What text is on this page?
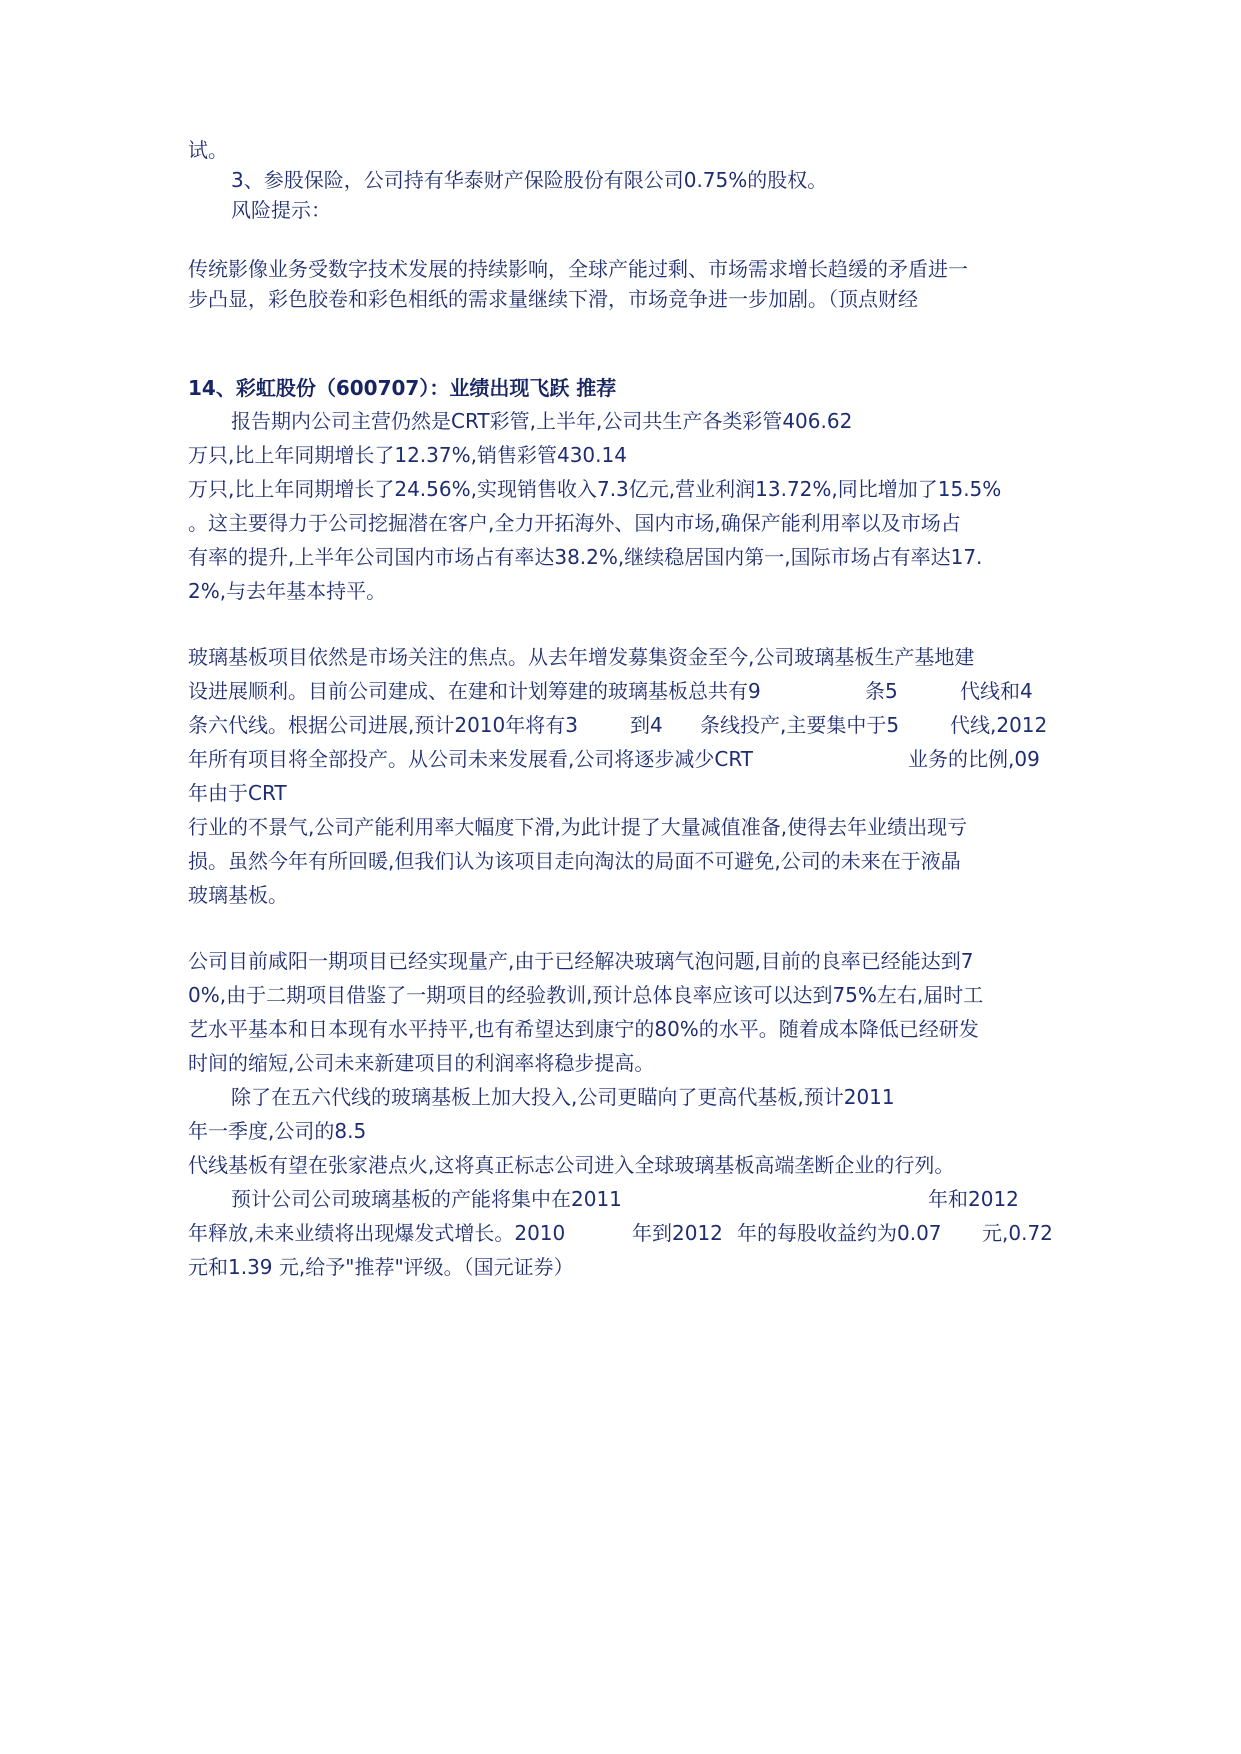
试。
3、参股保险，公司持有华泰财产保险股份有限公司0.75%的股权。
风险提示：
传统影像业务受数字技术发展的持续影响，全球产能过剩、市场需求增长趋缓的矛盾进一
步凸显，彩色胶卷和彩色相纸的需求量继续下滑，市场竞争进一步加剧。（顶点财经
14、彩虹股份（600707）：业绩出现飞跃 推荐
报告期内公司主营仍然是CRT彩管,上半年,公司共生产各类彩管406.62
万只,比上年同期增长了12.37%,销售彩管430.14
万只,比上年同期增长了24.56%,实现销售收入7.3亿元,营业利润13.72%,同比增加了15.5%
。这主要得力于公司挖掘潜在客户,全力开拓海外、国内市场,确保产能利用率以及市场占
有率的提升,上半年公司国内市场占有率达38.2%,继续稳居国内第一,国际市场占有率达17.
2%,与去年基本持平。
玻璃基板项目依然是市场关注的焦点。从去年增发募集资金至今,公司玻璃基板生产基地建
设进展顺利。目前公司建成、在建和计划筹建的玻璃基板总共有9	条5	代线和4
条六代线。根据公司进展,预计2010年将有3	到4 条线投产,主要集中于5	代线,2012
年所有项目将全部投产。从公司未来发展看,公司将逐步减少CRT	业务的比例,09
年由于CRT
行业的不景气,公司产能利用率大幅度下滑,为此计提了大量减值准备,使得去年业绩出现亏
损。虽然今年有所回暖,但我们认为该项目走向淘汰的局面不可避免,公司的未来在于液晶
玻璃基板。
公司目前咸阳一期项目已经实现量产,由于已经解决玻璃气泡问题,目前的良率已经能达到7
0%,由于二期项目借鉴了一期项目的经验教训,预计总体良率应该可以达到75%左右,届时工
艺水平基本和日本现有水平持平,也有希望达到康宁的80%的水平。随着成本降低已经研发
时间的缩短,公司未来新建项目的利润率将稳步提高。
除了在五六代线的玻璃基板上加大投入,公司更瞄向了更高代基板,预计2011
年一季度,公司的8.5
代线基板有望在张家港点火,这将真正标志公司进入全球玻璃基板高端垄断企业的行列。
预计公司公司玻璃基板的产能将集中在2011	年和2012
年释放,未来业绩将出现爆发式增长。2010	年到2012 年的每股收益约为0.07 元,0.72
元和1.39 元,给予"推荐"评级。（国元证券）
